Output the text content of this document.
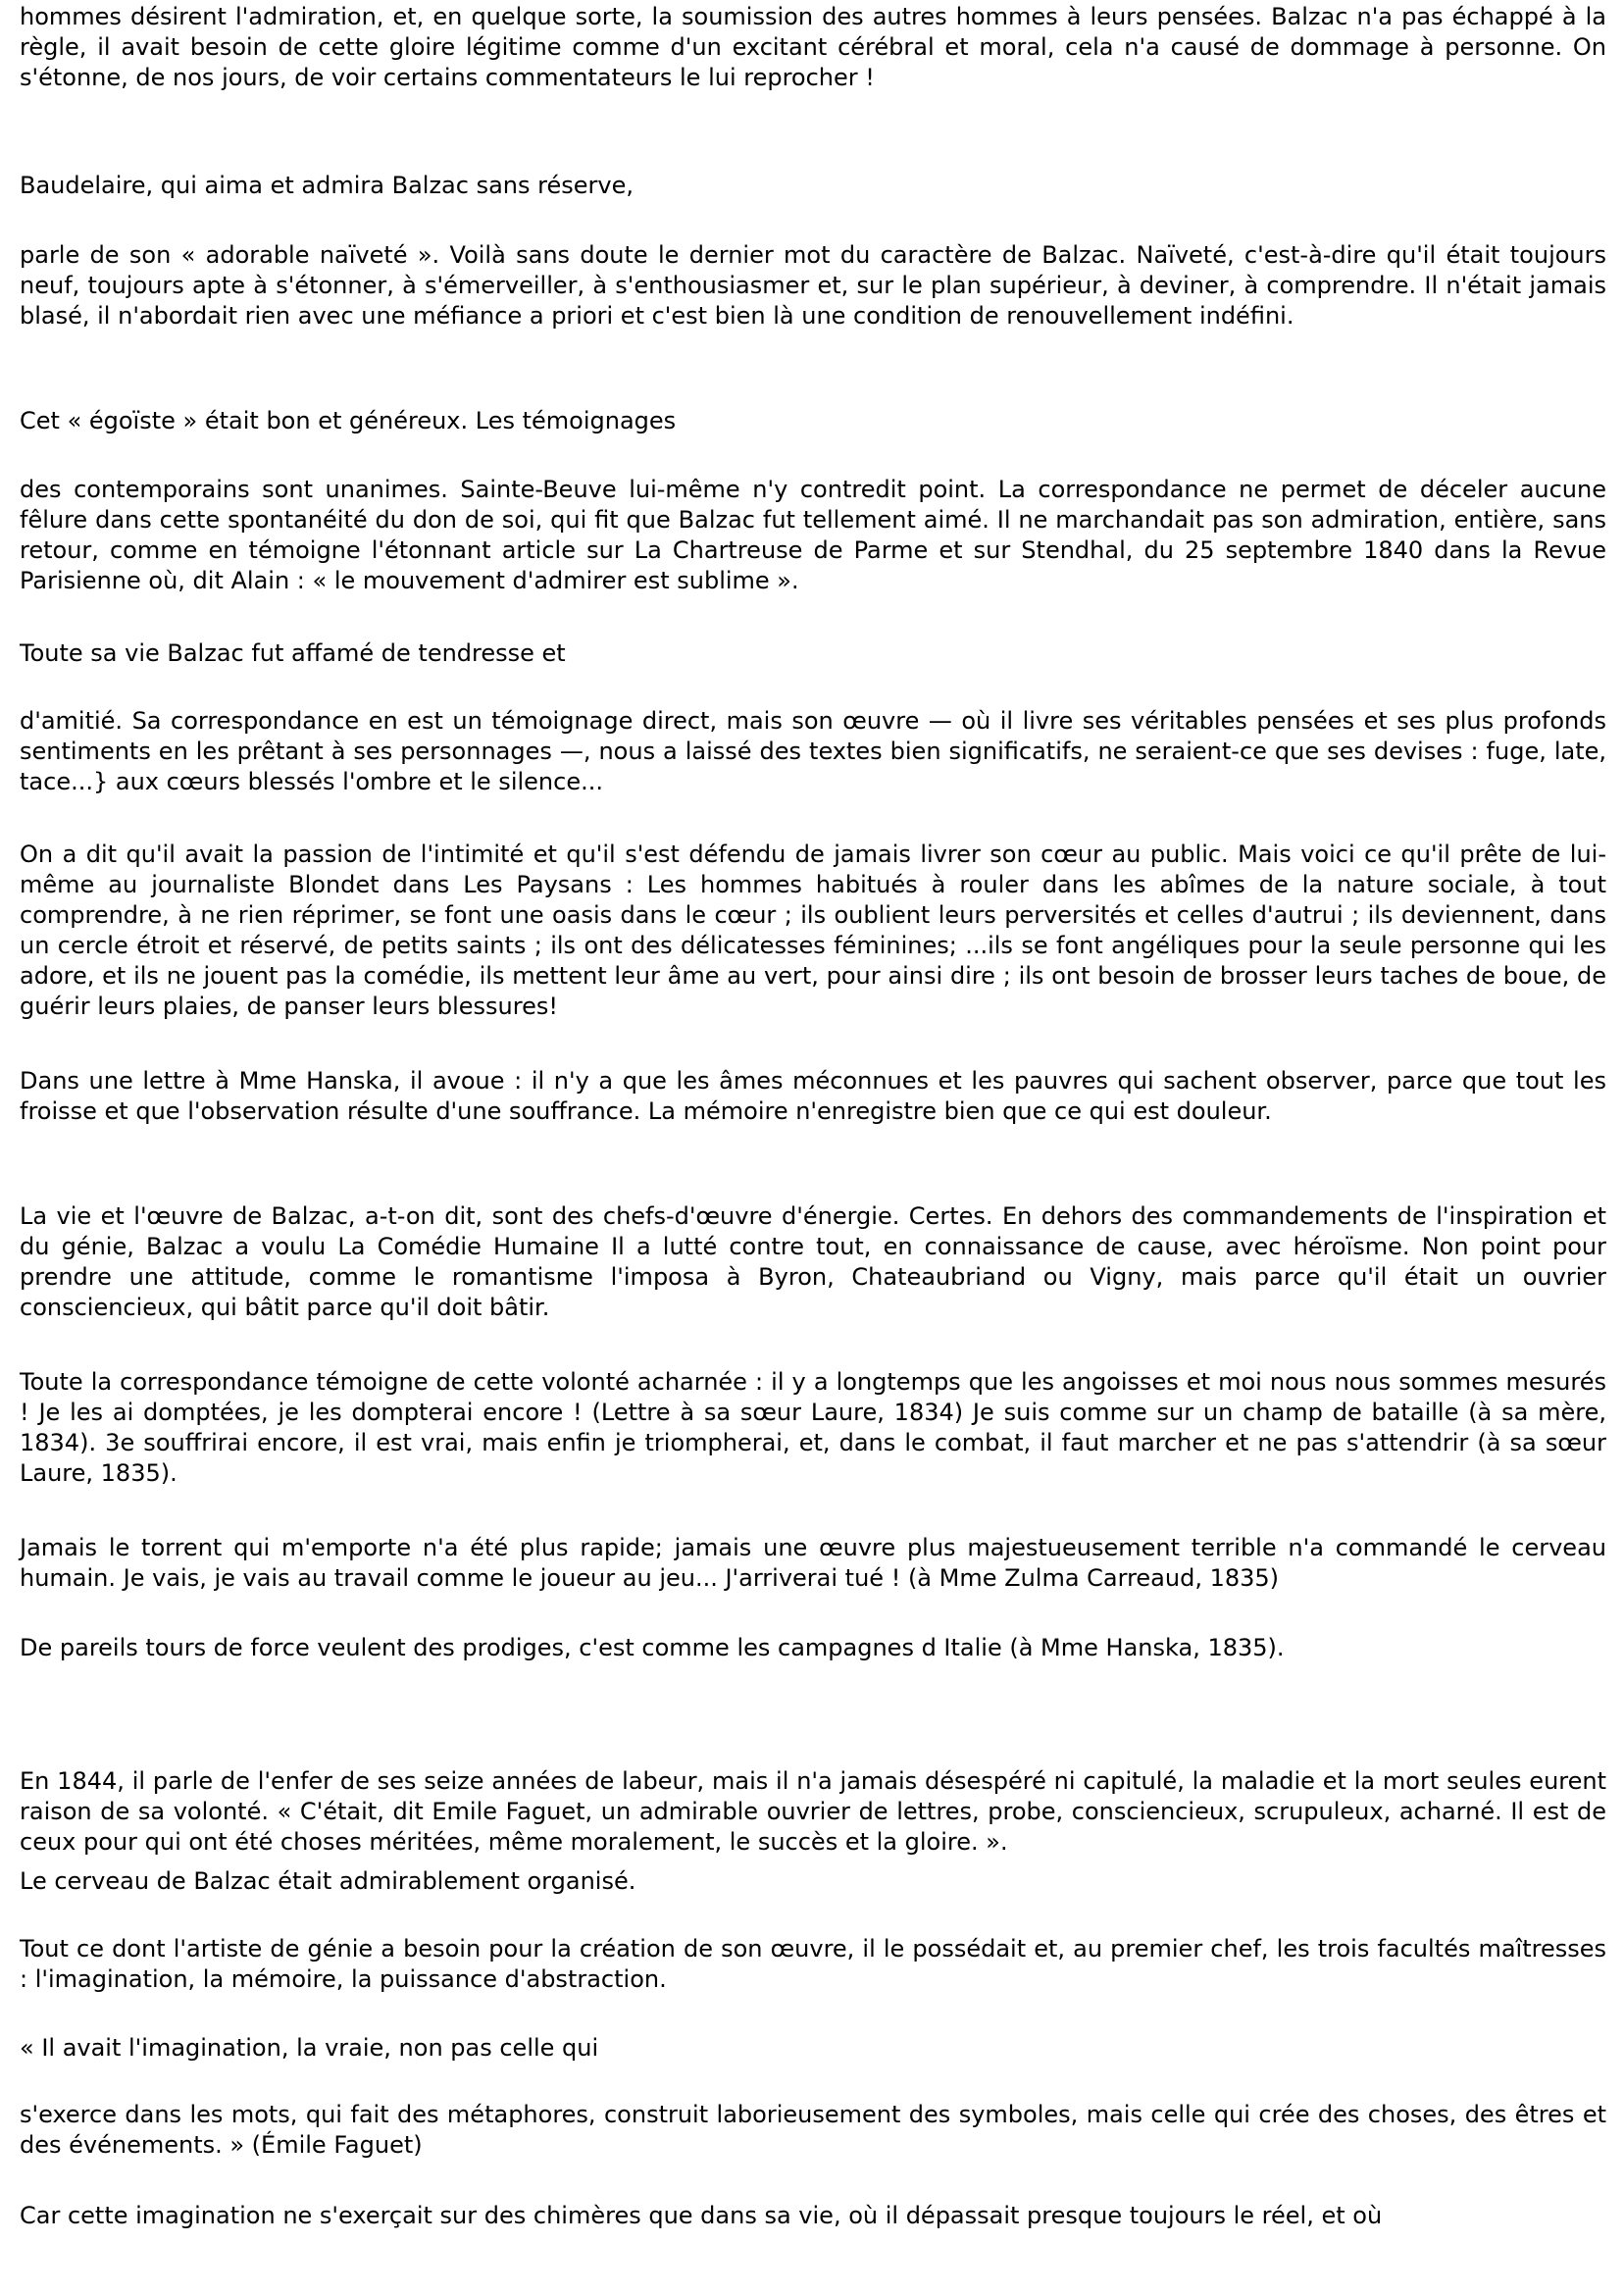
hommes désirent l'admiration, et, en quelque sorte, la soumission des autres hommes à leurs pensées. Balzac n'a pas échappé à la règle, il avait besoin de cette gloire légitime comme d'un excitant cérébral et moral, cela n'a causé de dommage à personne. On s'étonne, de nos jours, de voir certains commentateurs le lui reprocher !

Baudelaire, qui aima et admira Balzac sans réserve,

parle de son « adorable naïveté ». Voilà sans doute le dernier mot du caractère de Balzac. Naïveté, c'est-à-dire qu'il était toujours neuf, toujours apte à s'étonner, à s'émerveiller, à s'enthousiasmer et, sur le plan supérieur, à deviner, à comprendre. Il n'était jamais blasé, il n'abordait rien avec une méfiance a priori et c'est bien là une condition de renouvellement indéfini.

Cet « égoïste » était bon et généreux. Les témoignages

des contemporains sont unanimes. Sainte-Beuve lui-même n'y contredit point. La correspondance ne permet de déceler aucune fêlure dans cette spontanéité du don de soi, qui fit que Balzac fut tellement aimé. Il ne marchandait pas son admiration, entière, sans retour, comme en témoigne l'étonnant article sur La Chartreuse de Parme et sur Stendhal, du 25 septembre 1840 dans la Revue Parisienne où, dit Alain : « le mouvement d'admirer est sublime ».

Toute sa vie Balzac fut affamé de tendresse et

d'amitié. Sa correspondance en est un témoignage direct, mais son œuvre — où il livre ses véritables pensées et ses plus profonds sentiments en les prêtant à ses personnages —, nous a laissé des textes bien significatifs, ne seraient-ce que ses devises : fuge, late, tace...} aux cœurs blessés l'ombre et le silence...

On a dit qu'il avait la passion de l'intimité et qu'il s'est défendu de jamais livrer son cœur au public. Mais voici ce qu'il prête de lui-même au journaliste Blondet dans Les Paysans : Les hommes habitués à rouler dans les abîmes de la nature sociale, à tout comprendre, à ne rien réprimer, se font une oasis dans le cœur ; ils oublient leurs perversités et celles d'autrui ; ils deviennent, dans un cercle étroit et réservé, de petits saints ; ils ont des délicatesses féminines; ...ils se font angéliques pour la seule personne qui les adore, et ils ne jouent pas la comédie, ils mettent leur âme au vert, pour ainsi dire ; ils ont besoin de brosser leurs taches de boue, de guérir leurs plaies, de panser leurs blessures!

Dans une lettre à Mme Hanska, il avoue : il n'y a que les âmes méconnues et les pauvres qui sachent observer, parce que tout les froisse et que l'observation résulte d'une souffrance. La mémoire n'enregistre bien que ce qui est douleur.

La vie et l'œuvre de Balzac, a-t-on dit, sont des chefs-d'œuvre d'énergie. Certes. En dehors des commandements de l'inspiration et du génie, Balzac a voulu La Comédie Humaine Il a lutté contre tout, en connaissance de cause, avec héroïsme. Non point pour prendre une attitude, comme le romantisme l'imposa à Byron, Chateaubriand ou Vigny, mais parce qu'il était un ouvrier consciencieux, qui bâtit parce qu'il doit bâtir.

Toute la correspondance témoigne de cette volonté acharnée : il y a longtemps que les angoisses et moi nous nous sommes mesurés ! Je les ai domptées, je les dompterai encore ! (Lettre à sa sœur Laure, 1834) Je suis comme sur un champ de bataille (à sa mère, 1834). 3e souffrirai encore, il est vrai, mais enfin je triompherai, et, dans le combat, il faut marcher et ne pas s'attendrir (à sa sœur Laure, 1835).

Jamais le torrent qui m'emporte n'a été plus rapide; jamais une œuvre plus majestueusement terrible n'a commandé le cerveau humain. Je vais, je vais au travail comme le joueur au jeu... J'arriverai tué ! (à Mme Zulma Carreaud, 1835)

De pareils tours de force veulent des prodiges, c'est comme les campagnes d Italie (à Mme Hanska, 1835).

En 1844, il parle de l'enfer de ses seize années de labeur, mais il n'a jamais désespéré ni capitulé, la maladie et la mort seules eurent raison de sa volonté. « C'était, dit Emile Faguet, un admirable ouvrier de lettres, probe, consciencieux, scrupuleux, acharné. Il est de ceux pour qui ont été choses méritées, même moralement, le succès et la gloire. ».

Le cerveau de Balzac était admirablement organisé.

Tout ce dont l'artiste de génie a besoin pour la création de son œuvre, il le possédait et, au premier chef, les trois facultés maîtresses : l'imagination, la mémoire, la puissance d'abstraction.

« Il avait l'imagination, la vraie, non pas celle qui

s'exerce dans les mots, qui fait des métaphores, construit laborieusement des symboles, mais celle qui crée des choses, des êtres et des événements. » (Émile Faguet)

Car cette imagination ne s'exerçait sur des chimères que dans sa vie, où il dépassait presque toujours le réel, et où
